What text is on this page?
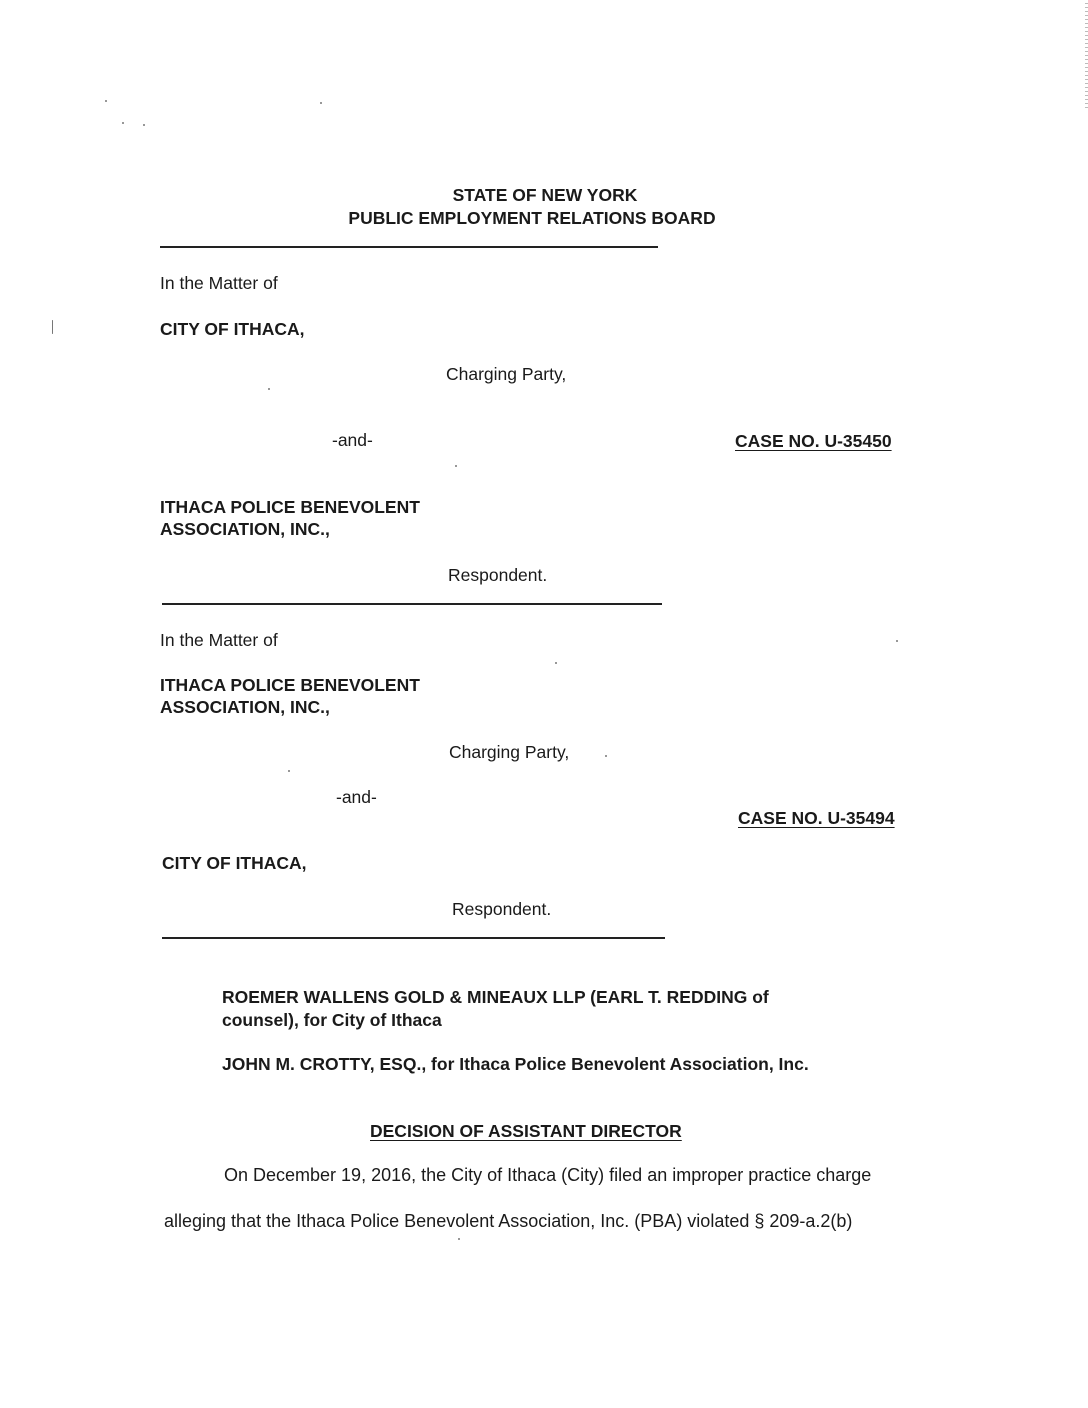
STATE OF NEW YORK
PUBLIC EMPLOYMENT RELATIONS BOARD
In the Matter of
CITY OF ITHACA,
Charging Party,
-and-	CASE NO. U-35450
ITHACA POLICE BENEVOLENT
ASSOCIATION, INC.,
Respondent.
In the Matter of
ITHACA POLICE BENEVOLENT
ASSOCIATION, INC.,
Charging Party,
-and-
CASE NO. U-35494
CITY OF ITHACA,
Respondent.
ROEMER WALLENS GOLD & MINEAUX LLP (EARL T. REDDING of
counsel), for City of Ithaca
JOHN M. CROTTY, ESQ., for Ithaca Police Benevolent Association, Inc.
DECISION OF ASSISTANT DIRECTOR
On December 19, 2016, the City of Ithaca (City) filed an improper practice charge
alleging that the Ithaca Police Benevolent Association, Inc. (PBA) violated § 209-a.2(b)
